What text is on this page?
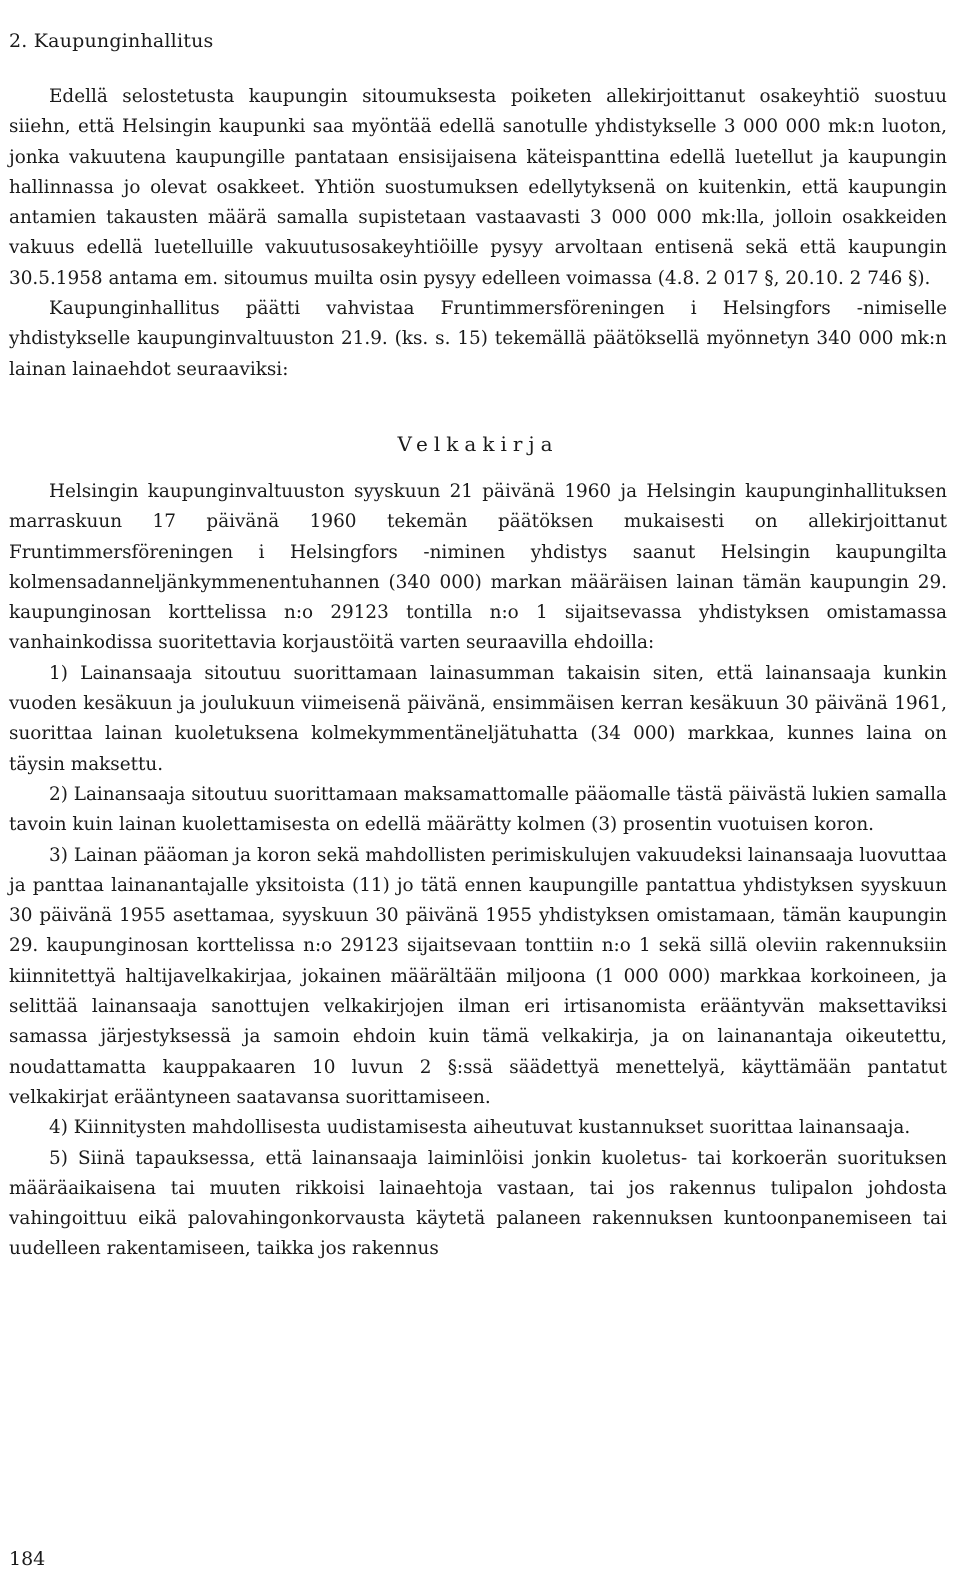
2. Kaupunginhallitus

Edellä selostetusta kaupungin sitoumuksesta poiketen allekirjoittanut osakeyhtiö suostuu siiehn, että Helsingin kaupunki saa myöntää edellä sanotulle yhdistykselle 3 000 000 mk:n luoton, jonka vakuutena kaupungille pantataan ensisijaisena käteispanttina edellä luetellut ja kaupungin hallinnassa jo olevat osakkeet. Yhtiön suostumuksen edellytyksenä on kuitenkin, että kaupungin antamien takausten määrä samalla supistetaan vastaavasti 3 000 000 mk:lla, jolloin osakkeiden vakuus edellä luetelluille vakuutusosakeyhtiöille pysyy arvoltaan entisenä sekä että kaupungin 30.5.1958 antama em. sitoumus muilta osin pysyy edelleen voimassa (4.8. 2 017 §, 20.10. 2 746 §).

Kaupunginhallitus päätti vahvistaa Fruntimmersföreningen i Helsingfors -nimiselle yhdistykselle kaupunginvaltuuston 21.9. (ks. s. 15) tekemällä päätöksellä myönnetyn 340 000 mk:n lainan lainaehdot seuraaviksi:

Velkakirja

Helsingin kaupunginvaltuuston syyskuun 21 päivänä 1960 ja Helsingin kaupunginhallituksen marraskuun 17 päivänä 1960 tekemän päätöksen mukaisesti on allekirjoittanut Fruntimmersföreningen i Helsingfors -niminen yhdistys saanut Helsingin kaupungilta kolmensadanneljänkymmenentuhannen (340 000) markan määräisen lainan tämän kaupungin 29. kaupunginosan korttelissa n:o 29123 tontilla n:o 1 sijaitsevassa yhdistyksen omistamassa vanhainkodissa suoritettavia korjaustöitä varten seuraavilla ehdoilla:

1) Lainansaaja sitoutuu suorittamaan lainasumman takaisin siten, että lainansaaja kunkin vuoden kesäkuun ja joulukuun viimeisenä päivänä, ensimmäisen kerran kesäkuun 30 päivänä 1961, suorittaa lainan kuoletuksena kolmekymmentäneljätuhatta (34 000) markkaa, kunnes laina on täysin maksettu.

2) Lainansaaja sitoutuu suorittamaan maksamattomalle pääomalle tästä päivästä lukien samalla tavoin kuin lainan kuolettamisesta on edellä määrätty kolmen (3) prosentin vuotuisen koron.

3) Lainan pääoman ja koron sekä mahdollisten perimiskulujen vakuudeksi lainansaaja luovuttaa ja panttaa lainanantajalle yksitoista (11) jo tätä ennen kaupungille pantattua yhdistyksen syyskuun 30 päivänä 1955 asettamaa, syyskuun 30 päivänä 1955 yhdistyksen omistamaan, tämän kaupungin 29. kaupunginosan korttelissa n:o 29123 sijaitsevaan tonttiin n:o 1 sekä sillä oleviin rakennuksiin kiinnitettyä haltijavelkakirjaa, jokainen määrältään miljoona (1 000 000) markkaa korkoineen, ja selittää lainansaaja sanottujen velkakirjojen ilman eri irtisanomista erääntyvän maksettaviksi samassa järjestyksessä ja samoin ehdoin kuin tämä velkakirja, ja on lainanantaja oikeutettu, noudattamatta kauppakaaren 10 luvun 2 §:ssä säädettyä menettelyä, käyttämään pantatut velkakirjat erääntyneen saatavansa suorittamiseen.

4) Kiinnitysten mahdollisesta uudistamisesta aiheutuvat kustannukset suorittaa lainansaaja.

5) Siinä tapauksessa, että lainansaaja laiminlöisi jonkin kuoletus- tai korkoerän suorituksen määräaikaisena tai muuten rikkoisi lainaehtoja vastaan, tai jos rakennus tulipalon johdosta vahingoittuu eikä palovahingonkorvausta käytetä palaneen rakennuksen kuntoonpanemiseen tai uudelleen rakentamiseen, taikka jos rakennus

184
